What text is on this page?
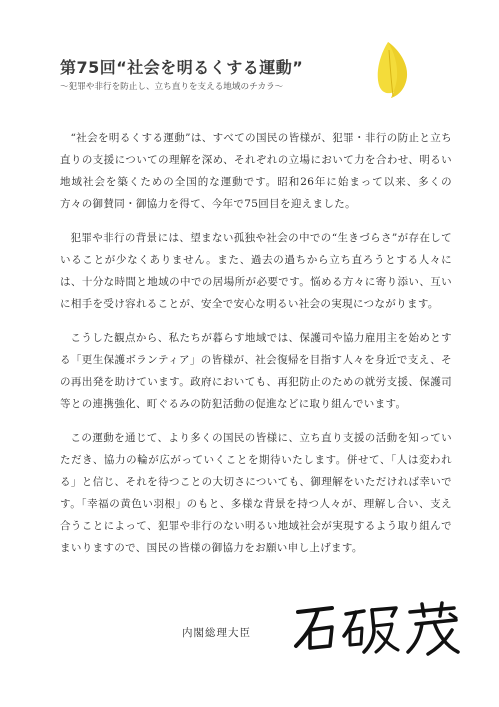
第75回“社会を明るくする運動”
～犯罪や非行を防止し、立ち直りを支える地域のチカラ～

“社会を明るくする運動”は、すべての国民の皆様が、犯罪・非行の防止と立ち直りの支援についての理解を深め、それぞれの立場において力を合わせ、明るい地域社会を築くための全国的な運動です。昭和26年に始まって以来、多くの方々の御賛同・御協力を得て、今年で75回目を迎えました。

犯罪や非行の背景には、望まない孤独や社会の中での“生きづらさ”が存在していることが少なくありません。また、過去の過ちから立ち直ろうとする人々には、十分な時間と地域の中での居場所が必要です。悩める方々に寄り添い、互いに相手を受け容れることが、安全で安心な明るい社会の実現につながります。

こうした観点から、私たちが暮らす地域では、保護司や協力雇用主を始めとする「更生保護ボランティア」の皆様が、社会復帰を目指す人々を身近で支え、その再出発を助けています。政府においても、再犯防止のための就労支援、保護司等との連携強化、町ぐるみの防犯活動の促進などに取り組んでいます。

この運動を通じて、より多くの国民の皆様に、立ち直り支援の活動を知っていただき、協力の輪が広がっていくことを期待いたします。併せて、「人は変われる」と信じ、それを待つことの大切さについても、御理解をいただければ幸いです。「幸福の黄色い羽根」のもと、多様な背景を持つ人々が、理解し合い、支え合うことによって、犯罪や非行のない明るい地域社会が実現するよう取り組んでまいりますので、国民の皆様の御協力をお願い申し上げます。

内閣総理大臣
